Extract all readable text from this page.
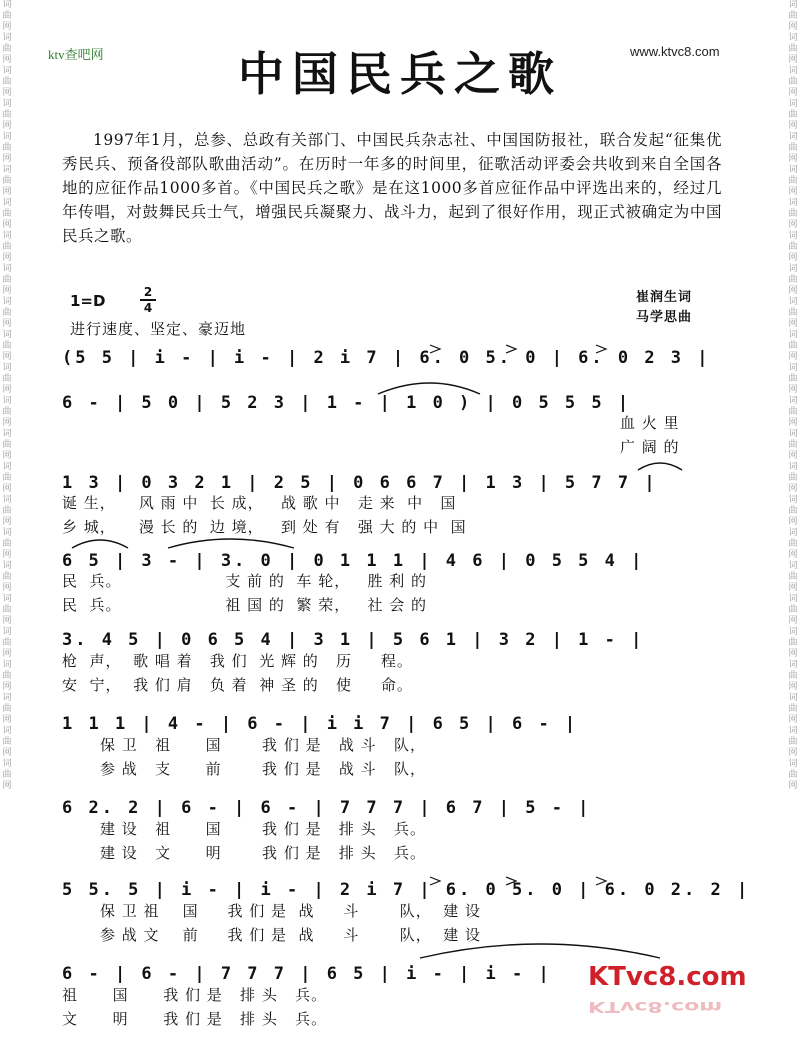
词 曲 网
词 曲 网
词 曲 网
词 曲 网
词 曲 网
词 曲 网
词 曲 网
词 曲 网
词 曲 网
词 曲 网
词 曲 网
词 曲 网
词 曲 网
词 曲 网
词 曲 网
词 曲 网
词 曲 网
词 曲 网
词 曲 网
词 曲 网
词 曲 网
词 曲 网
词 曲 网
词 曲 网
词 曲 网
词 曲 网
词 曲 网
词 曲 网
词 曲 网
词 曲 网
词 曲 网
词 曲 网
词 曲 网
词 曲 网
词 曲 网
词 曲 网
词 曲 网
词 曲 网
词 曲 网
词 曲 网
词 曲 网
词 曲 网
词 曲 网
词 曲 网
词 曲 网
词 曲 网
词 曲 网
词 曲 网
ktv查吧网	中国民兵之歌	www.ktvc8.com
1997年1月，总参、总政有关部门、中国民兵杂志社、中国国防报社，联合发起“征集优秀民兵、预备役部队歌曲活动”。在历时一年多的时间里，征歌活动评委会共收到来自全国各地的应征作品1000多首。《中国民兵之歌》是在这1000多首应征作品中评选出来的，经过几年传唱，对鼓舞民兵士气，增强民兵凝聚力、战斗力，起到了很好作用，现正式被确定为中国民兵之歌。
1=D	2
4
崔润生词
马学思曲
进行速度、坚定、豪迈地
(5 5 | i - | i - | 2 i 7 | 6. 0 5. 0 | 6. 0 2 3 |
6 - | 5 0 | 5 2 3 | 1 - | 1 0 ) | 0 5 5 5 |
血 火 里
广 阔 的
1 3 | 0 3 2 1 | 2 5 | 0 6 6 7 | 1 3 | 5 7 7 |
诞 生，    风 雨 中  长 成，   战 歌 中   走 来  中   国
乡 城，    漫 长 的  边 境，   到 处 有   强 大 的 中  国
6 5 | 3 - | 3. 0 | 0 1 1 1 | 4 6 | 0 5 5 4 |
民  兵。                  支 前 的  车 轮，   胜 利 的
民  兵。                  祖 国 的  繁 荣，   社 会 的
3. 4 5 | 0 6 5 4 | 3 1 | 5 6 1 | 3 2 | 1 - |
枪  声，  歌 唱 着   我 们  光 辉 的   历     程。
安  宁，  我 们 肩   负 着  神 圣 的   使     命。
1 1 1 | 4 - | 6 - | i i 7 | 6 5 | 6 - |
保 卫   祖      国       我 们 是   战 斗   队，
参 战   支      前       我 们 是   战 斗   队，
6 2. 2 | 6 - | 6 - | 7 7 7 | 6 7 | 5 - |
建 设   祖      国       我 们 是   排 头   兵。
建 设   文      明       我 们 是   排 头   兵。
5 5. 5 | i - | i - | 2 i 7 | 6. 0 5. 0 | 6. 0 2. 2 |
保 卫 祖    国     我 们 是  战     斗       队，  建 设
参 战 文    前     我 们 是  战     斗       队，  建 设
6 - | 6 - | 7 7 7 | 6 5 | i - | i - |
祖      国      我 们 是   排 头   兵。
文      明      我 们 是   排 头   兵。
KTvc8.com
KTvc8.com
